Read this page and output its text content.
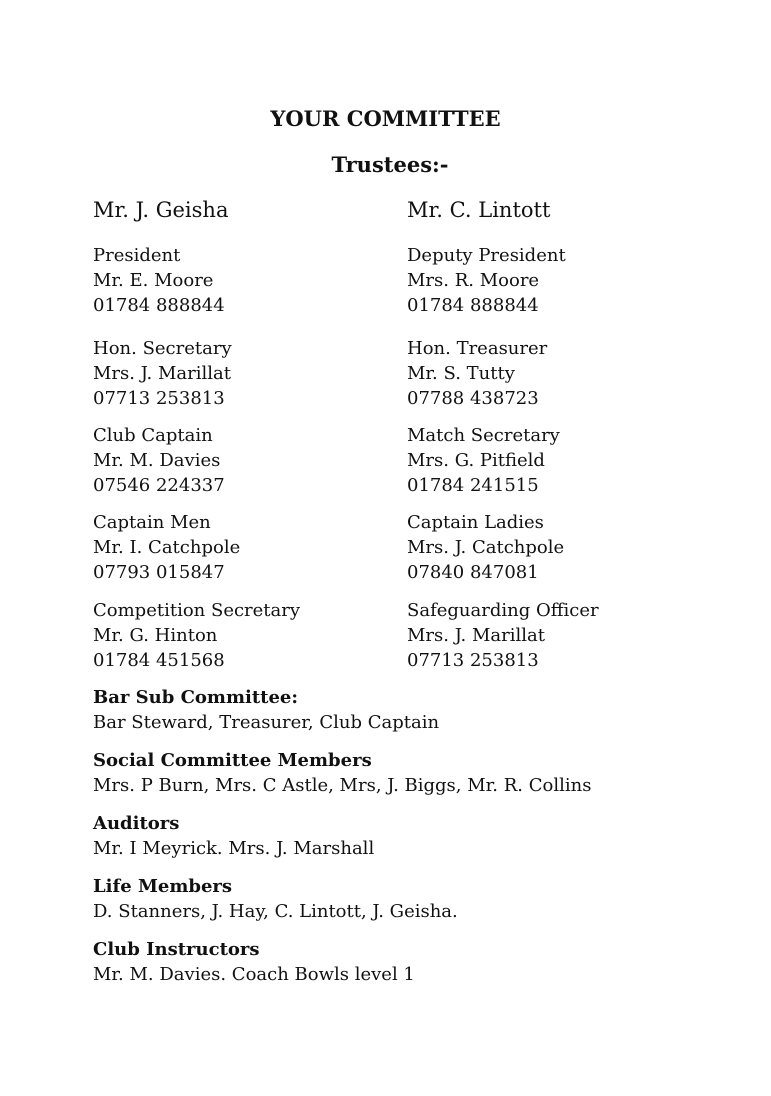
YOUR COMMITTEE
Trustees:-
Mr. J. Geisha	Mr. C. Lintott
President
Mr. E. Moore
01784 888844
Deputy President
Mrs. R. Moore
01784 888844
Hon. Secretary
Mrs. J. Marillat
07713 253813
Hon. Treasurer
Mr. S. Tutty
07788 438723
Club Captain
Mr. M. Davies
07546 224337
Match Secretary
Mrs. G. Pitfield
01784 241515
Captain Men
Mr. I. Catchpole
07793 015847
Captain Ladies
Mrs. J. Catchpole
07840 847081
Competition Secretary
Mr. G. Hinton
01784 451568
Safeguarding Officer
Mrs. J. Marillat
07713 253813
Bar Sub Committee:
Bar Steward, Treasurer, Club Captain
Social Committee Members
Mrs. P Burn, Mrs. C Astle, Mrs, J. Biggs, Mr. R. Collins
Auditors
Mr. I Meyrick. Mrs. J. Marshall
Life Members
D. Stanners, J. Hay, C. Lintott, J. Geisha.
Club Instructors
Mr. M. Davies. Coach Bowls level 1
